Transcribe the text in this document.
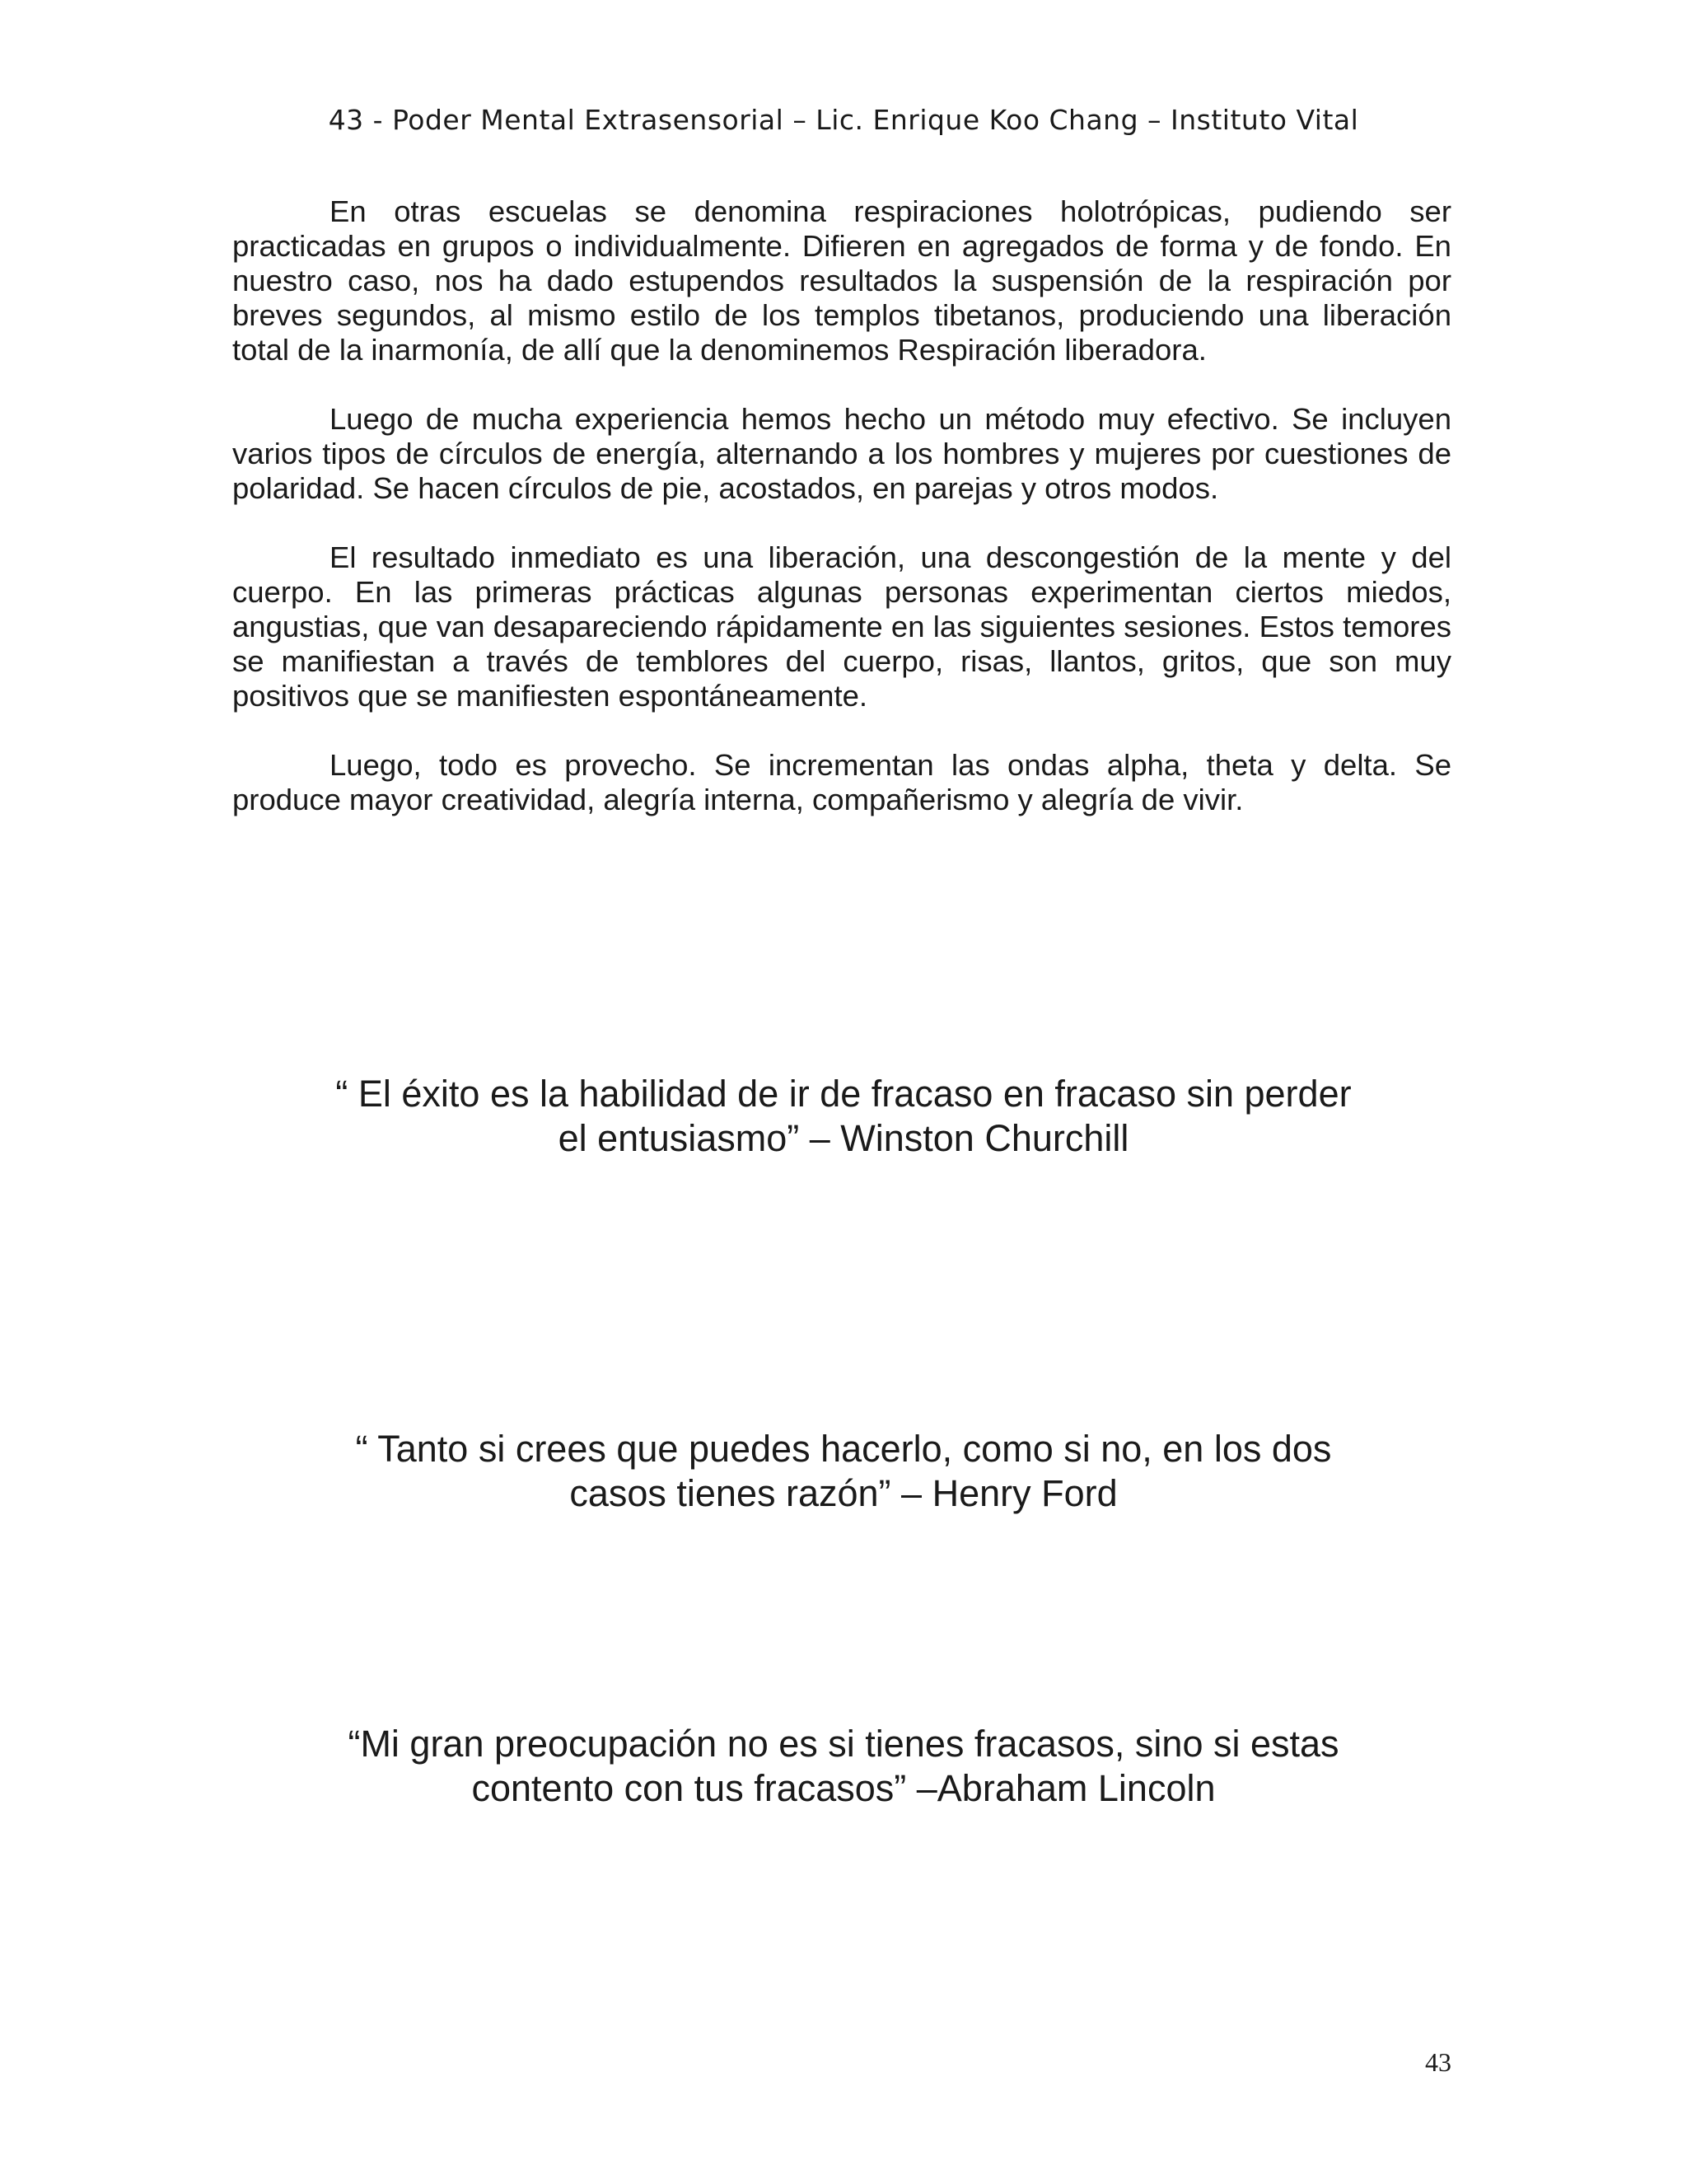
43 - Poder Mental Extrasensorial – Lic. Enrique Koo Chang – Instituto Vital

En otras escuelas se denomina respiraciones holotrópicas, pudiendo ser practicadas en grupos o individualmente. Difieren en agregados de forma y de fondo. En nuestro caso, nos ha dado estupendos resultados la suspensión de la respiración por breves segundos, al mismo estilo de los templos tibetanos, produciendo una liberación total de la inarmonía, de allí que la denominemos Respiración liberadora.

Luego de mucha experiencia hemos hecho un método muy efectivo. Se incluyen varios tipos de círculos de energía, alternando a los hombres y mujeres por cuestiones de polaridad. Se hacen círculos de pie, acostados, en parejas y otros modos.

El resultado inmediato es una liberación, una descongestión de la mente y del cuerpo. En las primeras prácticas algunas personas experimentan ciertos miedos, angustias, que van desapareciendo rápidamente en las siguientes sesiones. Estos temores se manifiestan a través de temblores del cuerpo, risas, llantos, gritos, que son muy positivos que se manifiesten espontáneamente.

Luego, todo es provecho. Se incrementan las ondas alpha, theta y delta. Se produce mayor creatividad, alegría interna, compañerismo y alegría de vivir.

“ El éxito es la habilidad de ir de fracaso en fracaso sin perder
el entusiasmo” – Winston Churchill
“ Tanto si crees que puedes hacerlo, como si no, en los dos
casos tienes razón” – Henry Ford
“Mi gran preocupación no es si tienes fracasos, sino si estas
contento con tus fracasos” –Abraham Lincoln
43
